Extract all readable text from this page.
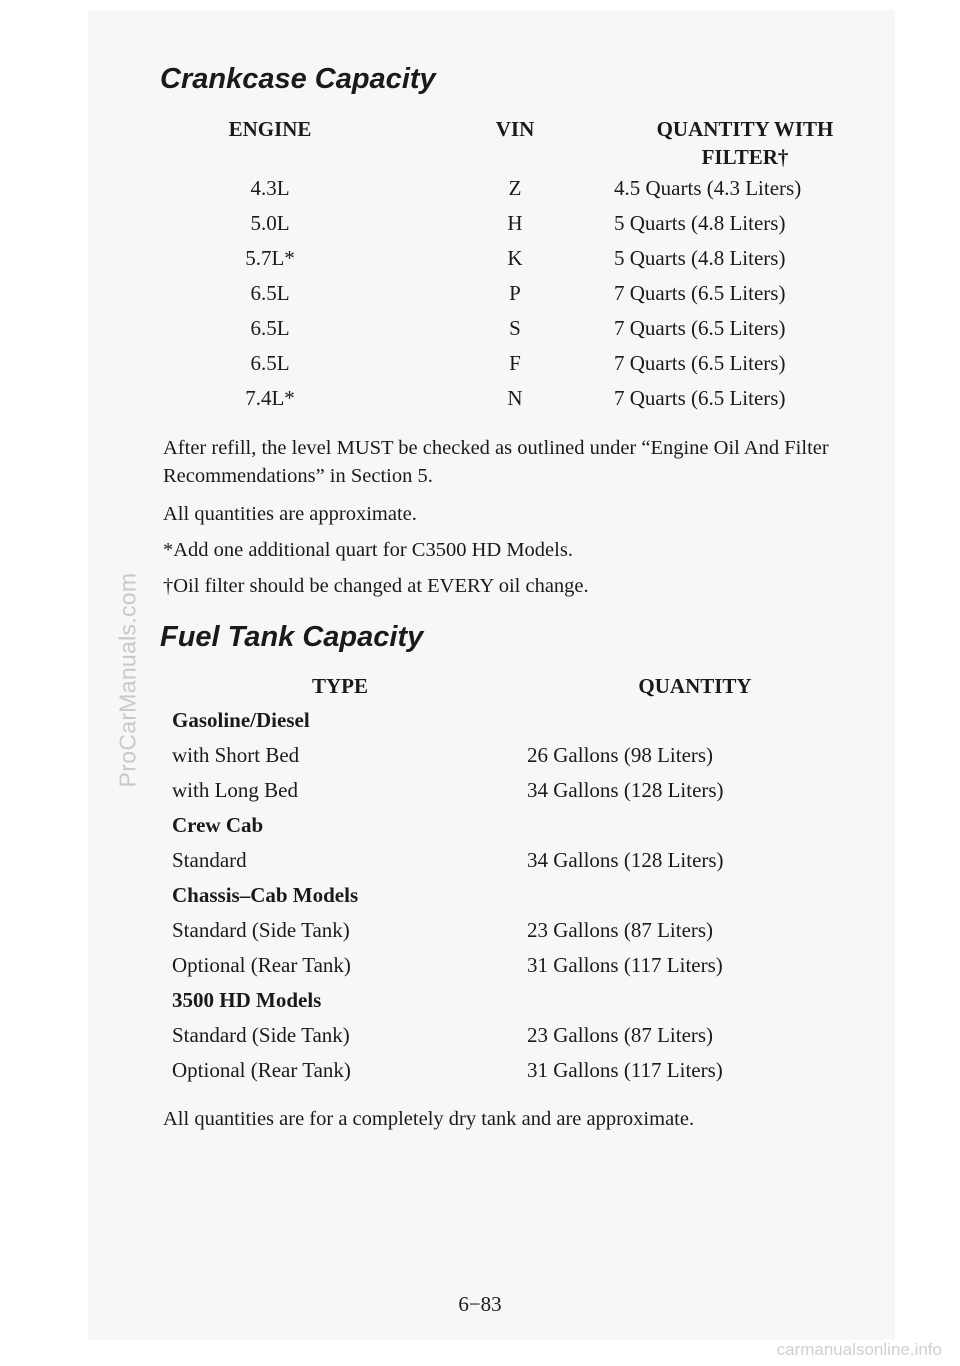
ProCarManuals.com
carmanualsonline.info
Crankcase Capacity
ENGINE	VIN	QUANTITY WITH
FILTER†
4.3L	Z	4.5 Quarts (4.3 Liters)
5.0L	H	5 Quarts (4.8 Liters)
5.7L*	K	5 Quarts (4.8 Liters)
6.5L	P	7 Quarts (6.5 Liters)
6.5L	S	7 Quarts (6.5 Liters)
6.5L	F	7 Quarts (6.5 Liters)
7.4L*	N	7 Quarts (6.5 Liters)
After refill, the level MUST be checked as outlined under “Engine Oil And Filter Recommendations” in Section 5.
All quantities are approximate.
*Add one additional quart for C3500 HD Models.
†Oil filter should be changed at EVERY oil change.
Fuel Tank Capacity
TYPE	QUANTITY
Gasoline/Diesel
with Short Bed	26 Gallons (98 Liters)
with Long Bed	34 Gallons (128 Liters)
Crew Cab
Standard	34 Gallons (128 Liters)
Chassis–Cab Models
Standard (Side Tank)	23 Gallons (87 Liters)
Optional (Rear Tank)	31 Gallons (117 Liters)
3500 HD Models
Standard (Side Tank)	23 Gallons (87 Liters)
Optional (Rear Tank)	31 Gallons (117 Liters)
All quantities are for a completely dry tank and are approximate.
6−83
